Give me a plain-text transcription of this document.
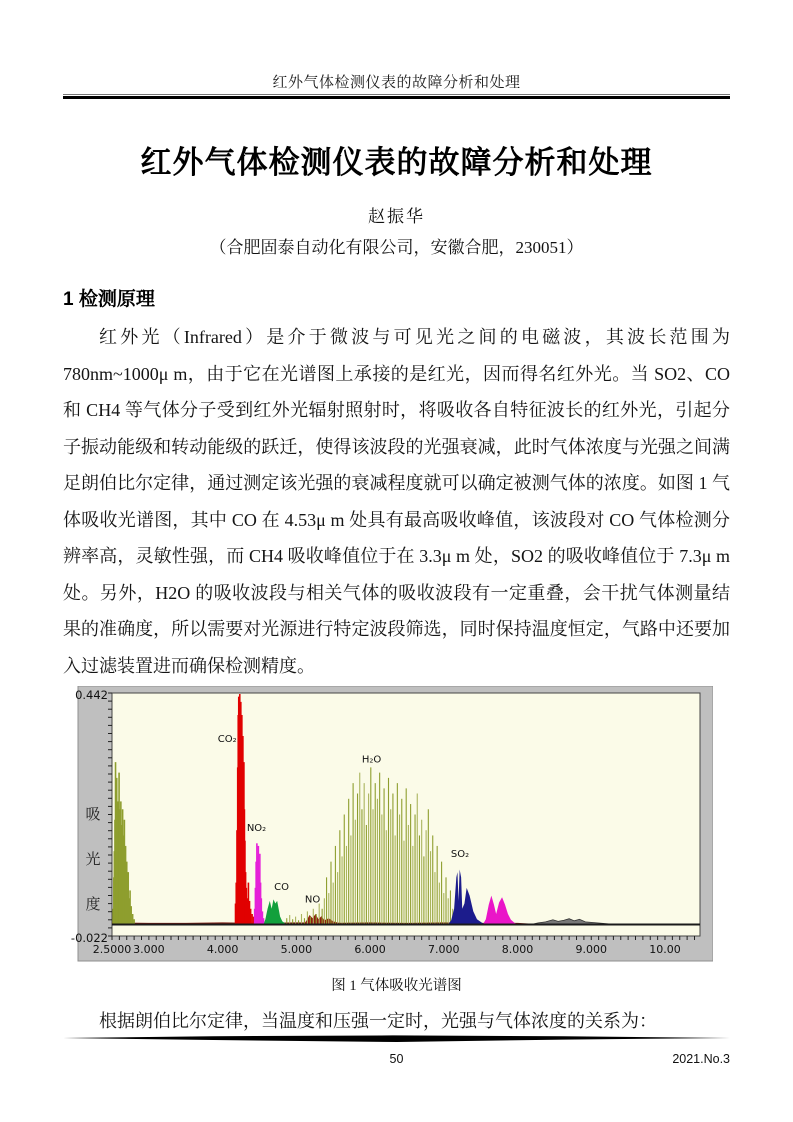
红外气体检测仪表的故障分析和处理
红外气体检测仪表的故障分析和处理
赵振华
（合肥固泰自动化有限公司，安徽合肥，230051）
1 检测原理

红外光（Infrared）是介于微波与可见光之间的电磁波，其波长范围为780nm~1000μ m，由于它在光谱图上承接的是红光，因而得名红外光。当 SO2、CO 和 CH4 等气体分子受到红外光辐射照射时，将吸收各自特征波长的红外光，引起分子振动能级和转动能级的跃迁，使得该波段的光强衰减，此时气体浓度与光强之间满足朗伯比尔定律，通过测定该光强的衰减程度就可以确定被测气体的浓度。如图 1 气体吸收光谱图，其中 CO 在 4.53μ m 处具有最高吸收峰值，该波段对 CO 气体检测分辨率高，灵敏性强，而 CH4 吸收峰值位于在 3.3μ m 处，SO2 的吸收峰值位于 7.3μ m 处。另外，H2O 的吸收波段与相关气体的吸收波段有一定重叠，会干扰气体测量结果的准确度，所以需要对光源进行特定波段筛选，同时保持温度恒定，气路中还要加入过滤装置进而确保检测精度。

2.5000 3.000	4.000	5.000	6.000	7.000	8.000	9.000	10.00
0.442
-0.022
吸
光
度
CO₂
NO₂
CO
NO
H₂O
SO₂
图 1 气体吸收光谱图

根据朗伯比尔定律，当温度和压强一定时，光强与气体浓度的关系为：

50	2021.No.3
